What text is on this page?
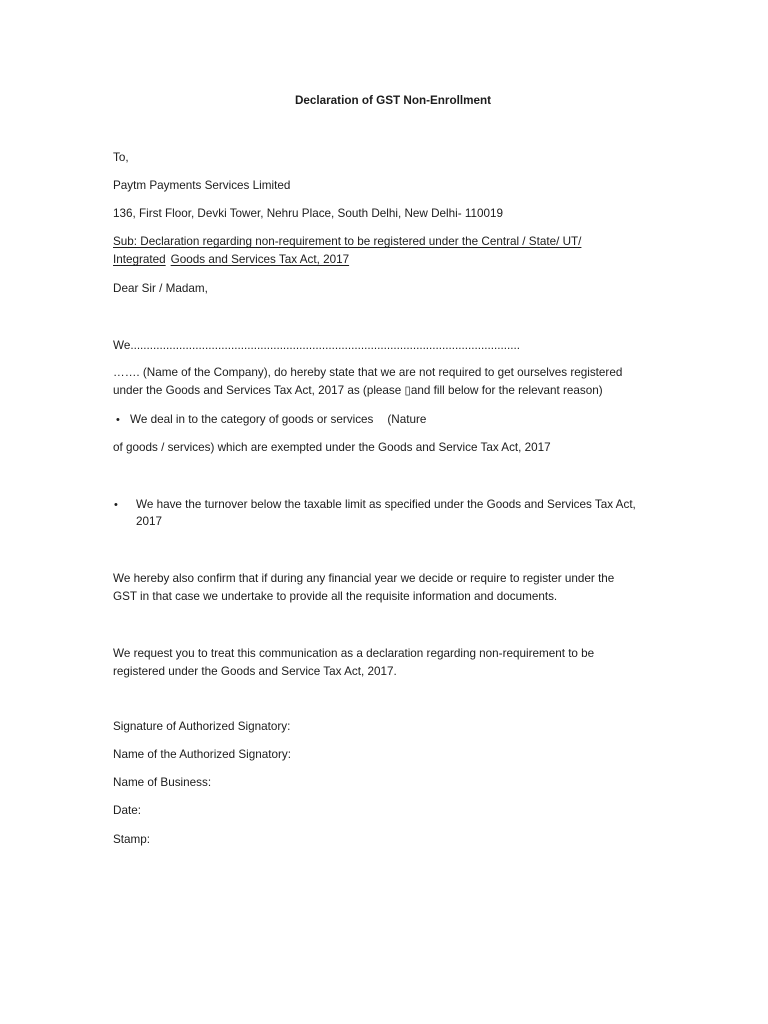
Declaration of GST Non-Enrollment
To,
Paytm Payments Services Limited
136, First Floor, Devki Tower, Nehru Place, South Delhi, New Delhi- 110019
Sub: Declaration regarding non-requirement to be registered under the Central / State/ UT/
Integrated Goods and Services Tax Act, 2017
Dear Sir / Madam,
We........................................................................................................................
……. (Name of the Company), do hereby state that we are not required to get ourselves registered
under the Goods and Services Tax Act, 2017 as (please ▯and fill below for the relevant reason)
• We deal in to the category of goods or services (Nature
of goods / services) which are exempted under the Goods and Service Tax Act, 2017
• We have the turnover below the taxable limit as specified under the Goods and Services Tax Act,
2017
We hereby also confirm that if during any financial year we decide or require to register under the
GST in that case we undertake to provide all the requisite information and documents.
We request you to treat this communication as a declaration regarding non-requirement to be
registered under the Goods and Service Tax Act, 2017.
Signature of Authorized Signatory:
Name of the Authorized Signatory:
Name of Business:
Date:
Stamp:
